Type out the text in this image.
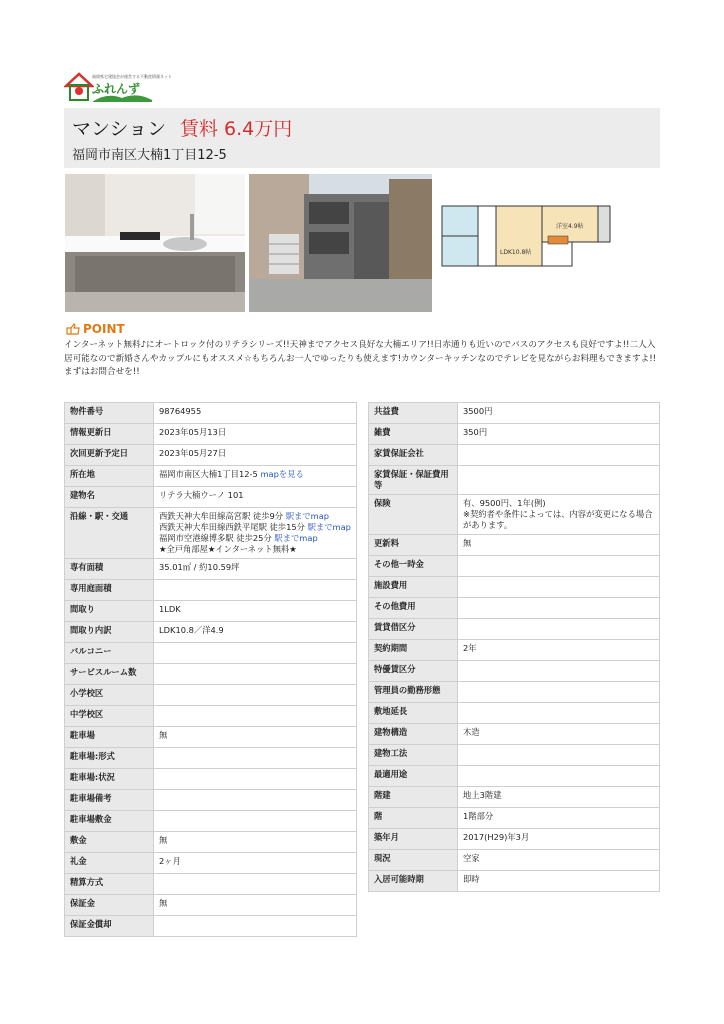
福岡県宅建協会が運営する不動産情報ネット
ふれんず
マンション 賃料 6.4万円
福岡市南区大楠1丁目12-5
LDK10.8帖
洋室4.9帖
POINT
インターネット無料♪にオートロック付のリテラシリーズ!!天神までアクセス良好な大楠エリア!!日赤通りも近いのでバスのアクセスも良好ですよ!!二人入居可能なので新婚さんやカップルにもオススメ☆もちろんお一人でゆったりも使えます!カウンターキッチンなのでテレビを見ながらお料理もできますよ!!まずはお問合せを!!
物件番号	98764955
情報更新日	2023年05月13日
次回更新予定日	2023年05月27日
所在地	福岡市南区大楠1丁目12-5 mapを見る
建物名	リテラ大楠ウーノ 101
沿線・駅・交通	西鉄天神大牟田線高宮駅 徒歩9分 駅までmap
西鉄天神大牟田線西鉄平尾駅 徒歩15分 駅までmap
福岡市空港線博多駅 徒歩25分 駅までmap
★全戸角部屋★インターネット無料★

専有面積	35.01㎡ / 約10.59坪
専用庭面積	
間取り	1LDK
間取り内訳	LDK10.8／洋4.9
バルコニー	
サービスルーム数	
小学校区	
中学校区	
駐車場	無
駐車場:形式	
駐車場:状況	
駐車場備考	
駐車場敷金	
敷金	無
礼金	2ヶ月
精算方式	
保証金	無
保証金償却	
共益費	3500円
雑費	350円
家賃保証会社	
家賃保証・保証費用等	
保険	有、9500円、1年(例)
※契約者や条件によっては、内容が変更になる場合があります。

更新料	無
その他一時金	
施設費用	
その他費用	
賃貸借区分	
契約期間	2年
特優賃区分	
管理員の勤務形態	
敷地延長	
建物構造	木造
建物工法	
最適用途	
階建	地上3階建
階	1階部分
築年月	2017(H29)年3月
現況	空家
入居可能時期	即時
